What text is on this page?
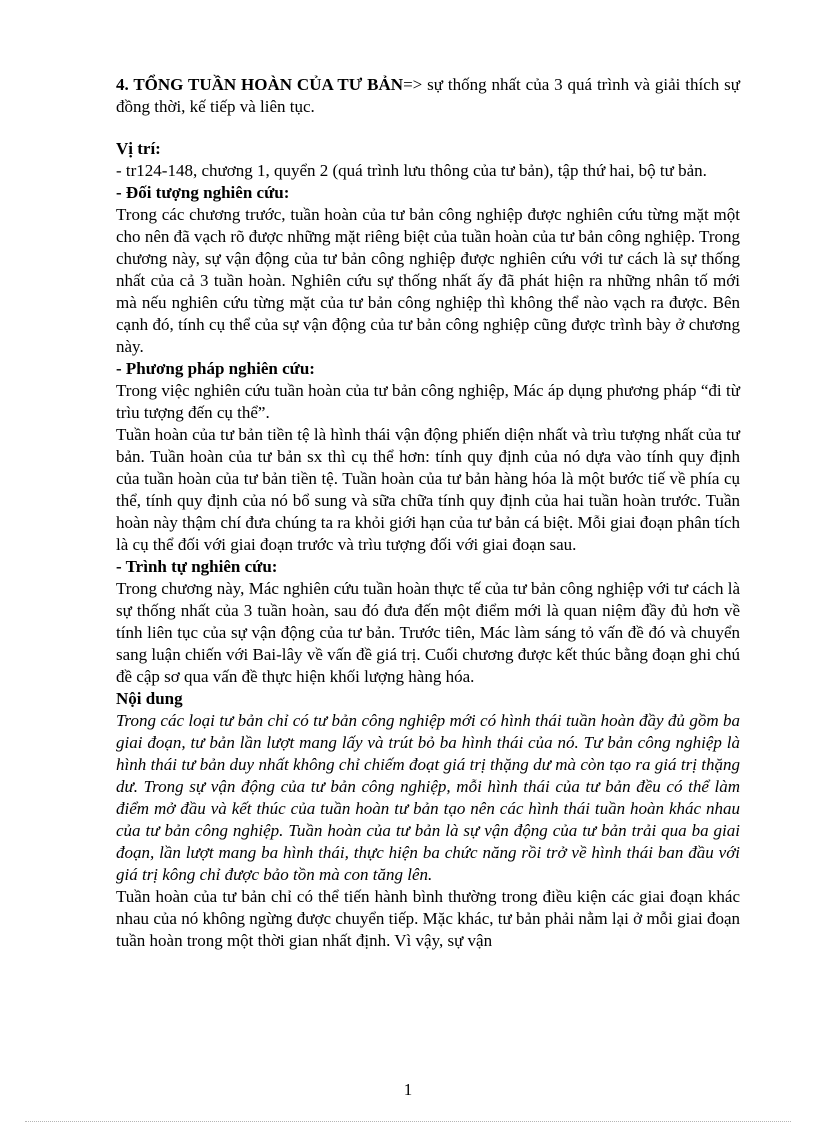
4. TỔNG TUẦN HOÀN CỦA TƯ BẢN=> sự thống nhất của 3 quá trình và giải thích sự đồng thời, kế tiếp và liên tục.

Vị trí:

- tr124-148, chương 1, quyển 2 (quá trình lưu thông của tư bản), tập thứ hai, bộ tư bản.

- Đối tượng nghiên cứu:

Trong các chương trước, tuần hoàn của tư bản công nghiệp được nghiên cứu từng mặt một cho nên đã vạch rõ được những mặt riêng biệt của tuần hoàn của tư bản công nghiệp. Trong chương này, sự vận động của tư bản công nghiệp được nghiên cứu với tư cách là sự thống nhất của cả 3 tuần hoàn. Nghiên cứu sự thống nhất ấy đã phát hiện ra những nhân tố mới mà nếu nghiên cứu từng mặt của tư bản công nghiệp thì không thể nào vạch ra được. Bên cạnh đó, tính cụ thể của sự vận động của tư bản công nghiệp cũng được trình bày ở chương này.

- Phương pháp nghiên cứu:

Trong việc nghiên cứu tuần hoàn của tư bản công nghiệp, Mác áp dụng phương pháp “đi từ trìu tượng đến cụ thể”.

Tuần hoàn của tư bản tiền tệ là hình thái vận động phiến diện nhất và trìu tượng nhất của tư bản. Tuần hoàn của tư bản sx thì cụ thể hơn: tính quy định của nó dựa vào tính quy định của tuần hoàn của tư bản tiền tệ. Tuần hoàn của tư bản hàng hóa là một bước tiế về phía cụ thể, tính quy định của nó bổ sung và sữa chữa tính quy định của hai tuần hoàn trước. Tuần hoàn này thậm chí đưa chúng ta ra khỏi giới hạn của tư bản cá biệt. Mỗi giai đoạn phân tích là cụ thể đối với giai đoạn trước và trìu tượng đối với giai đoạn sau.

- Trình tự nghiên cứu:

Trong chương này, Mác nghiên cứu tuần hoàn thực tế của tư bản công nghiệp với tư cách là sự thống nhất của 3 tuần hoàn, sau đó đưa đến một điểm mới là quan niệm đầy đủ hơn về tính liên tục của sự vận động của tư bản. Trước tiên, Mác làm sáng tỏ vấn đề đó và chuyển sang luận chiến với Bai-lây về vấn đề giá trị. Cuối chương được kết thúc bằng đoạn ghi chú đề cập sơ qua vấn đề thực hiện khối lượng hàng hóa.

Nội dung

Trong các loại tư bản chỉ có tư bản công nghiệp mới có hình thái tuần hoàn đầy đủ gồm ba giai đoạn, tư bản lần lượt mang lấy và trút bỏ ba hình thái của nó. Tư bản công nghiệp là hình thái tư bản duy nhất không chỉ chiếm đoạt giá trị thặng dư mà còn tạo ra giá trị thặng dư. Trong sự vận động của tư bản công nghiệp, mỗi hình thái của tư bản đều có thể làm điểm mở đầu và kết thúc của tuần hoàn tư bản tạo nên các hình thái tuần hoàn khác nhau của tư bản công nghiệp. Tuần hoàn của tư bản là sự vận động của tư bản trải qua ba giai đoạn, lần lượt mang ba hình thái, thực hiện ba chức năng rồi trở về hình thái ban đầu với giá trị kông chỉ được bảo tồn mà con tăng lên.

Tuần hoàn của tư bản chỉ có thể tiến hành bình thường trong điều kiện các giai đoạn khác nhau của nó không ngừng được chuyển tiếp. Mặc khác, tư bản phải nằm lại ở mỗi giai đoạn tuần hoàn trong một thời gian nhất định. Vì vậy, sự vận

1
